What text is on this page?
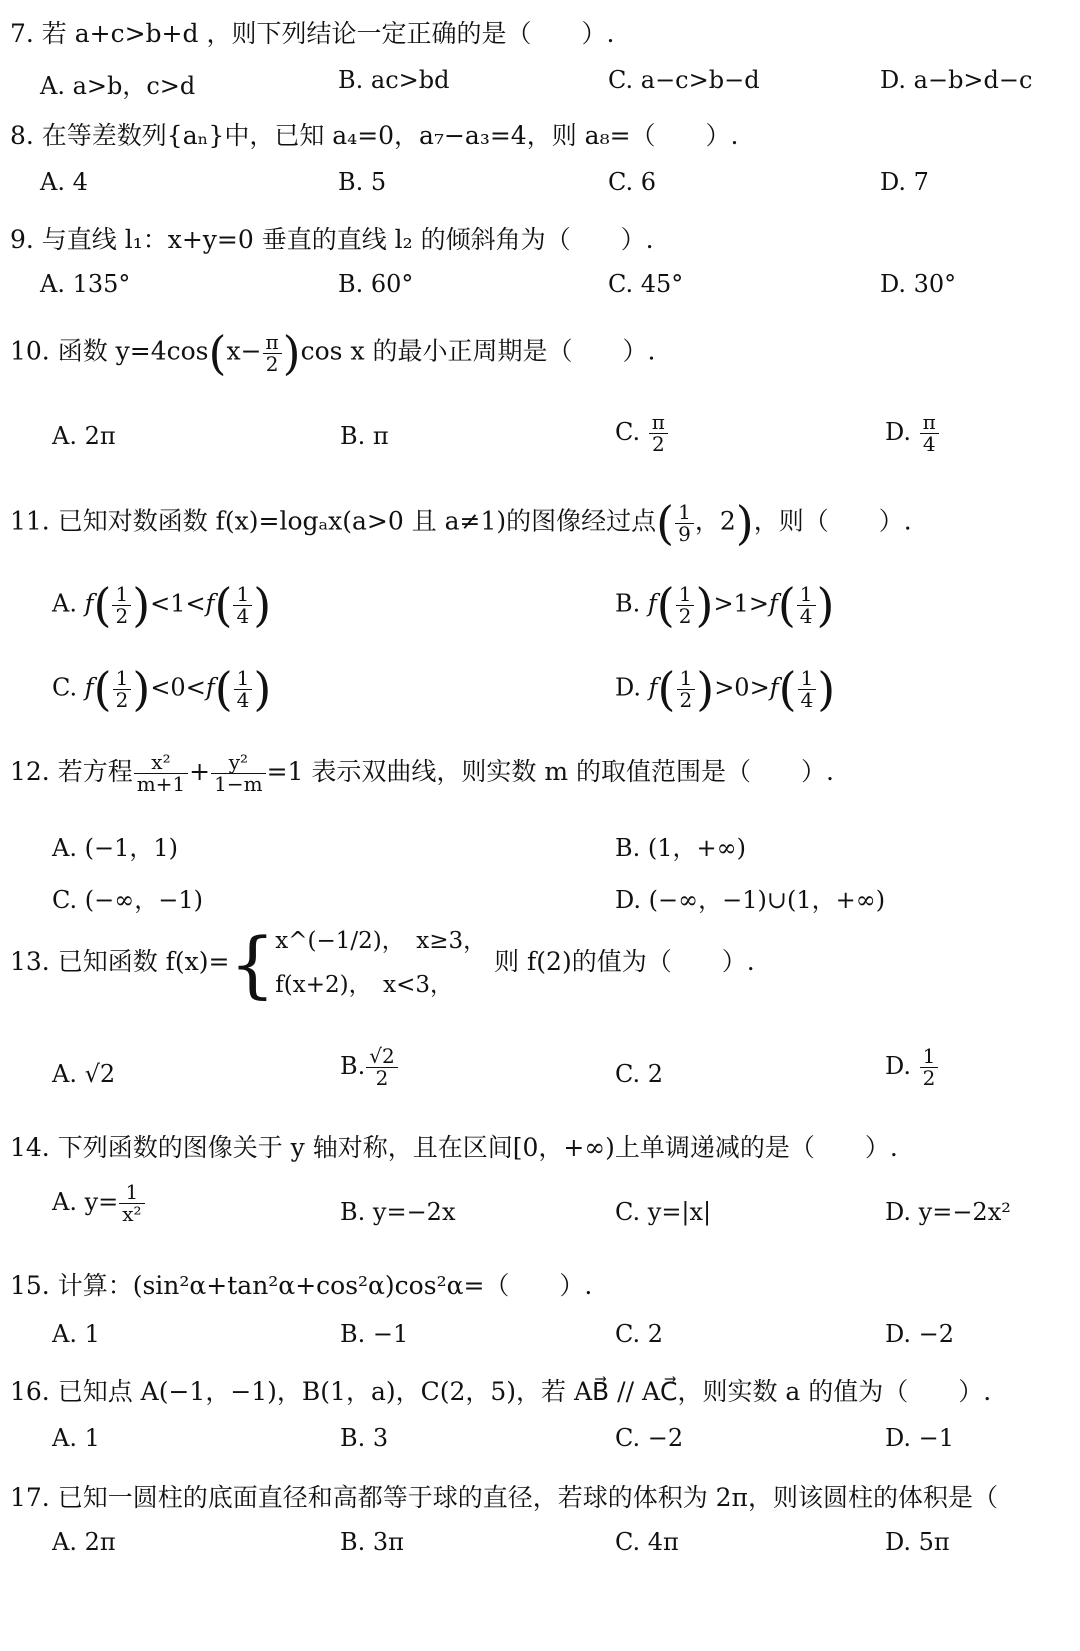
7. 若 a+c>b+d ，则下列结论一定正确的是（　　）.
A. a>b，c>d	B. ac>bd	C. a−c>b−d	D. a−b>d−c
8. 在等差数列{aₙ}中，已知 a₄=0，a₇−a₃=4，则 a₈=（　　）.
A. 4	B. 5	C. 6	D. 7
9. 与直线 l₁：x+y=0 垂直的直线 l₂ 的倾斜角为（　　）.
A. 135°	B. 60°	C. 45°	D. 30°
10. 函数 $y=4\cos(x- \frac{\pi}{2} )\cos$ x 的最小正周期是（　　）.
A. 2π	B. π	C. $\frac{\pi}{2}$	D. $\frac{\pi}{4}$
11. 已知对数函数 f(x)=logₐx(a>0 且 a≠1)的图像经过点( $\frac{1}{9}$ ，2)，则（　　）.
A. $f( \frac{1}{2} )<1<f( \frac{1}{4}$ )	B. $f( \frac{1}{2} )>1>f( \frac{1}{4}$ )
C. $f( \frac{1}{2} )<0<f( \frac{1}{4}$ )	D. $f( \frac{1}{2} )>0>f( \frac{1}{4}$ )
12. 若方程 $\frac{\text{x²}}{m+1} + \frac{\text{y²}}{1-m} =1$ 表示双曲线，则实数 m 的取值范围是（　　）.
A. (−1，1)	B. (1，+∞)
C. (−∞，−1)	D. (−∞，−1)∪(1，+∞)
13. 已知函数 f(x)={ x^(−1/2)，　x≥3，
f(x+2)，　x<3，
则 f(2)的值为（　　）.
A. √2	B. $\frac{√2}{2}$	C. 2	D. $\frac{1}{2}$
14. 下列函数的图像关于 y 轴对称，且在区间[0，+∞)上单调递减的是（　　）.
A. $y= \frac{1}{\text{x²}}$	B. y=−2x	C. y=|x|	D. y=−2x²
15. 计算：(sin²α+tan²α+cos²α)cos²α=（　　）.
A. 1	B. −1	C. 2	D. −2
16. 已知点 A(−1，−1)，B(1，a)，C(2，5)，若 AB⃗ // AC⃗，则实数 a 的值为（　　）.
A. 1	B. 3	C. −2	D. −1
17. 已知一圆柱的底面直径和高都等于球的直径，若球的体积为 2π，则该圆柱的体积是（
A. 2π	B. 3π	C. 4π	D. 5π
